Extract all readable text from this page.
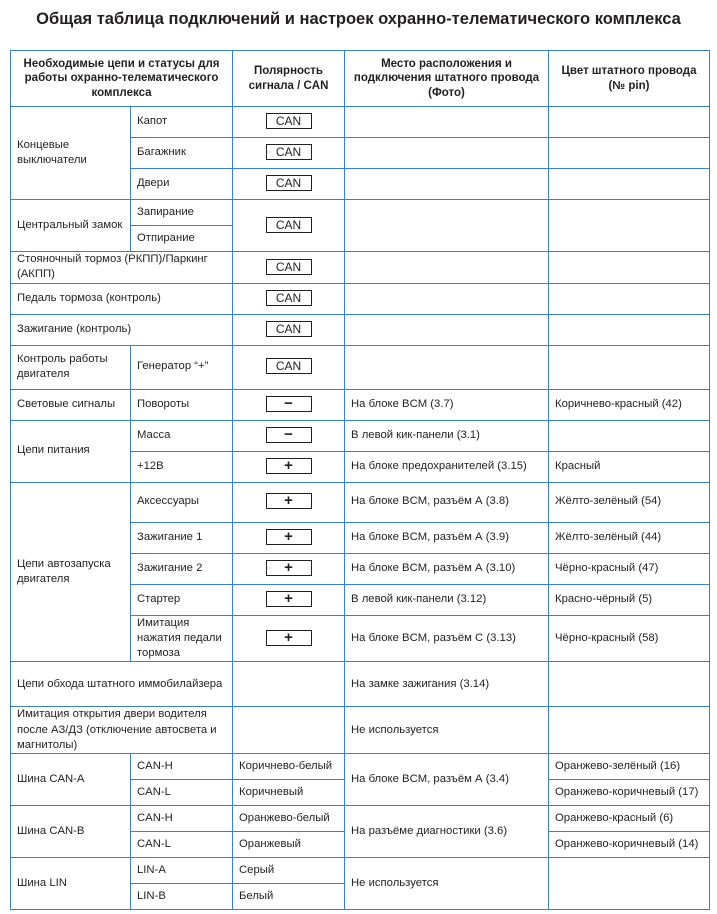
Общая таблица подключений и настроек охранно-телематического комплекса
Необходимые цепи и статусы для работы охранно-телематического комплекса		Полярность сигнала / CAN	Место расположения и подключения штатного провода (Фото)	Цвет штатного провода (№ pin)
Концевые выключатели	Капот	CAN		
	Багажник	CAN		
	Двери	CAN		
Центральный замок	Запирание	CAN		
	Отпирание			
Стояночный тормоз (РКПП)/Паркинг (АКПП)		CAN		
Педаль тормоза (контроль)		CAN		
Зажигание (контроль)		CAN		
Контроль работы двигателя	Генератор “+”	CAN		
Световые сигналы	Повороты	−	На блоке BCM (3.7)	Коричнево-красный (42)
Цепи питания	Масса	−	В левой кик-панели (3.1)	
	+12В	+	На блоке предохранителей (3.15)	Красный
Цепи автозапуска двигателя	Аксессуары	+	На блоке BCM, разъём А (3.8)	Жёлто-зелёный (54)
	Зажигание 1	+	На блоке BCM, разъём А (3.9)	Жёлто-зелёный (44)
	Зажигание 2	+	На блоке BCM, разъём А (3.10)	Чёрно-красный (47)
	Стартер	+	В левой кик-панели (3.12)	Красно-чёрный (5)
	Имитация нажатия педали тормоза	+	На блоке BCM, разъём С (3.13)	Чёрно-красный (58)
Цепи обхода штатного иммобилайзера			На замке зажигания (3.14)	
Имитация открытия двери водителя после АЗ/ДЗ (отключение автосвета и магнитолы)			Не используется	
Шина CAN-A	CAN-H	Коричнево-белый	На блоке BCM, разъём А (3.4)	Оранжево-зелёный (16)
	CAN-L	Коричневый		Оранжево-коричневый (17)
Шина CAN-B	CAN-H	Оранжево-белый	На разъёме диагностики (3.6)	Оранжево-красный (6)
	CAN-L	Оранжевый		Оранжево-коричневый (14)
Шина LIN	LIN-A	Серый	Не используется	
	LIN-B	Белый		
